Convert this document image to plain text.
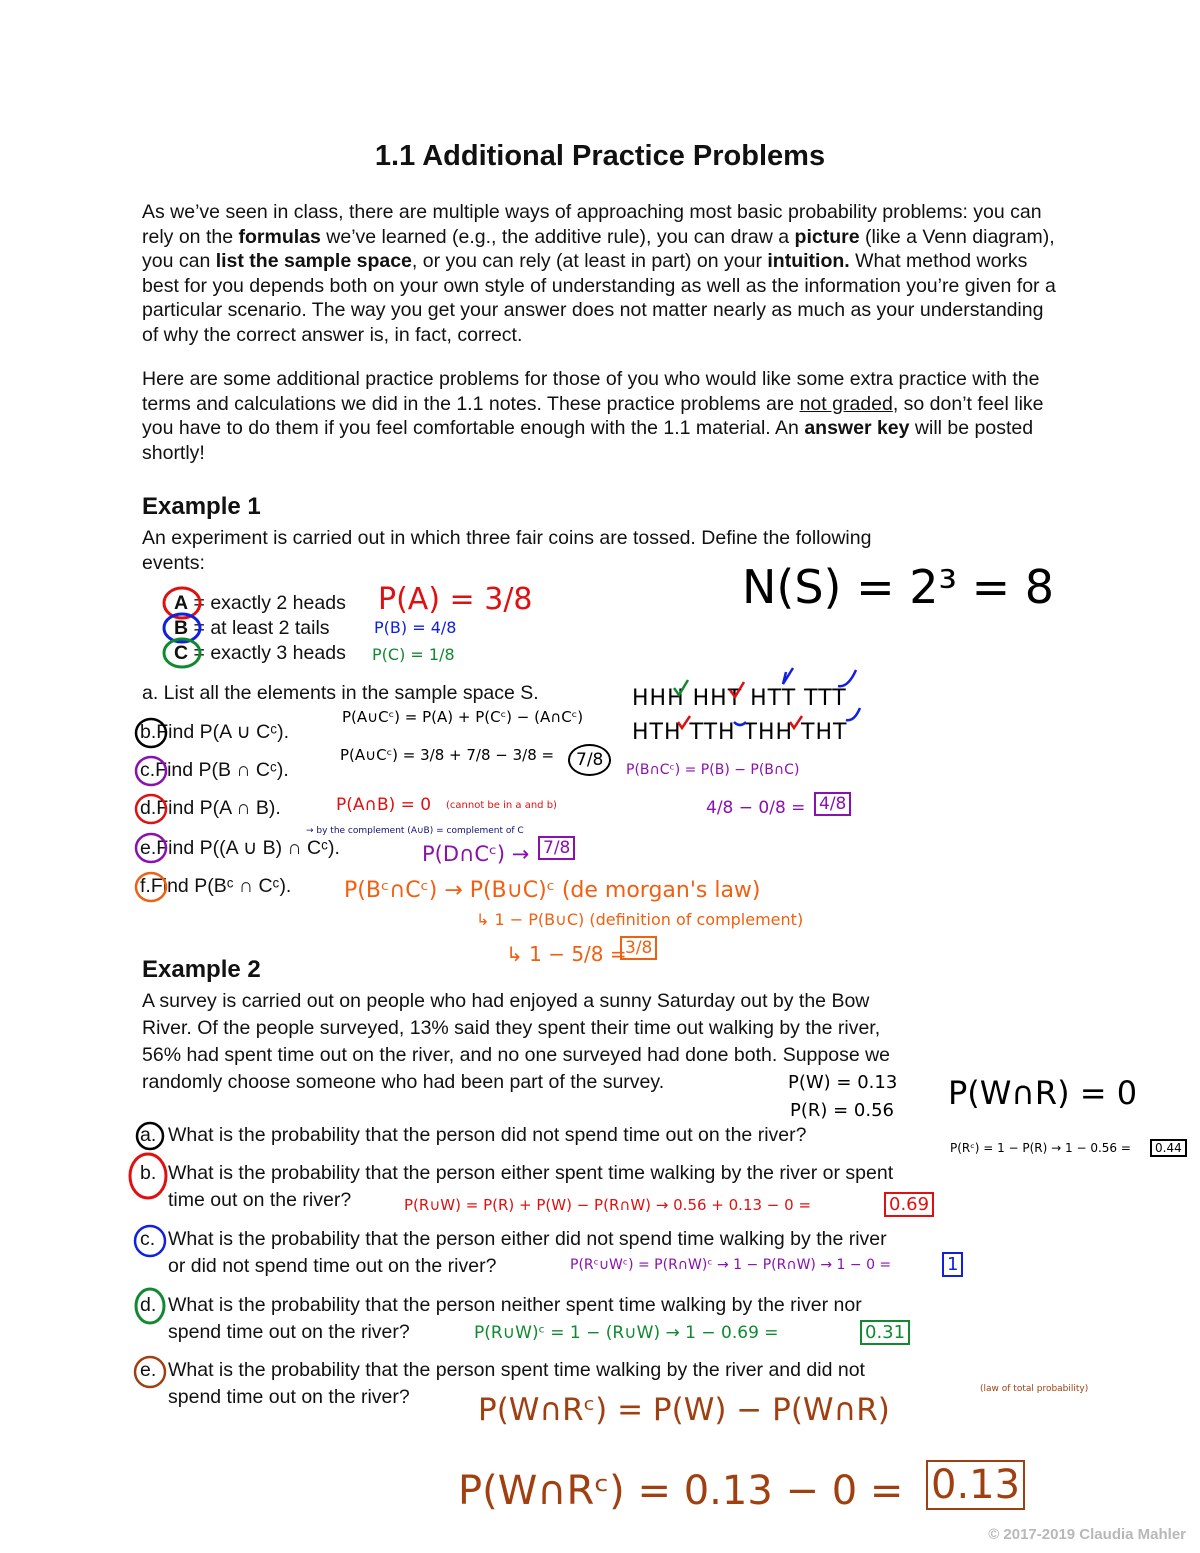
1.1 Additional Practice Problems
As we’ve seen in class, there are multiple ways of approaching most basic probability problems: you can rely on the formulas we’ve learned (e.g., the additive rule), you can draw a picture (like a Venn diagram), you can list the sample space, or you can rely (at least in part) on your intuition. What method works best for you depends both on your own style of understanding as well as the information you’re given for a particular scenario. The way you get your answer does not matter nearly as much as your understanding of why the correct answer is, in fact, correct.
Here are some additional practice problems for those of you who would like some extra practice with the terms and calculations we did in the 1.1 notes. These practice problems are not graded, so don’t feel like you have to do them if you feel comfortable enough with the 1.1 material. An answer key will be posted shortly!
Example 1
An experiment is carried out in which three fair coins are tossed. Define the following
events:
A = exactly 2 heads
B = at least 2 tails
C = exactly 3 heads
a. List all the elements in the sample space S.
b.Find P(A ∪ Cᶜ).
c.Find P(B ∩ Cᶜ).
d.Find P(A ∩ B).
e.Find P((A ∪ B) ∩ Cᶜ).
f.Find P(Bᶜ ∩ Cᶜ).
N(S) = 2³ = 8
P(A) = 3/8
P(B) = 4/8
P(C) = 1/8
HHH HHT HTT TTT
HTH TTH THH THT
P(A∪Cᶜ) = P(A) + P(Cᶜ) − (A∩Cᶜ)
P(A∪Cᶜ) = 3/8 + 7/8 − 3/8 =	7/8	P(B∩Cᶜ) = P(B) − P(B∩C)
4/8 − 0/8 = 4/8
P(A∩B) = 0 (cannot be in a and b)
→ by the complement (A∪B) = complement of C
P(D∩Cᶜ) → 7/8
P(Bᶜ∩Cᶜ) → P(B∪C)ᶜ (de morgan's law)
↳ 1 − P(B∪C) (definition of complement)
↳ 1 − 5/8 =
3/8
Example 2
A survey is carried out on people who had enjoyed a sunny Saturday out by the Bow
River. Of the people surveyed, 13% said they spent their time out walking by the river,
56% had spent time out on the river, and no one surveyed had done both. Suppose we
randomly choose someone who had been part of the survey.
a. What is the probability that the person did not spend time out on the river?
b. What is the probability that the person either spent time walking by the river or spent
time out on the river?
c. What is the probability that the person either did not spend time walking by the river
or did not spend time out on the river?
d. What is the probability that the person neither spent time walking by the river nor
spend time out on the river?
e. What is the probability that the person spent time walking by the river and did not
spend time out on the river?
P(W) = 0.13
P(R) = 0.56 P(W∩R) = 0
P(Rᶜ) = 1 − P(R) → 1 − 0.56 =	0.44
P(R∪W) = P(R) + P(W) − P(R∩W) → 0.56 + 0.13 − 0 =	0.69
P(Rᶜ∪Wᶜ) = P(R∩W)ᶜ → 1 − P(R∩W) → 1 − 0 =	1
P(R∪W)ᶜ = 1 − (R∪W) → 1 − 0.69 =	0.31
(law of total probability)
P(W∩Rᶜ) = P(W) − P(W∩R)
P(W∩Rᶜ) = 0.13 − 0 = 0.13
© 2017-2019 Claudia Mahler
